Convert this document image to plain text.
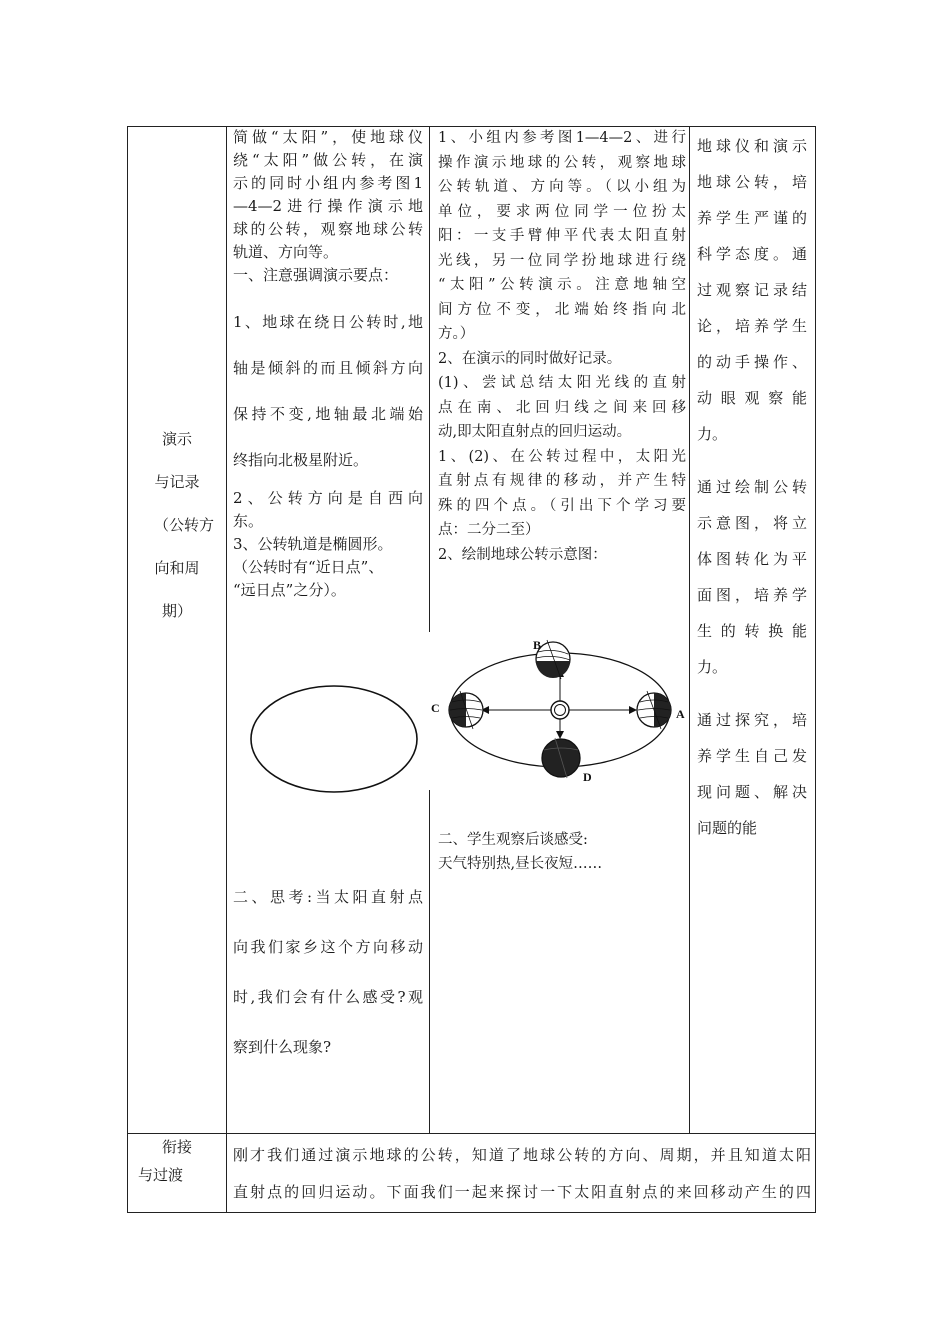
演示

与记录

（公转方

向和周

期）

简做“太阳”，使地球仪

绕“太阳”做公转，在演

示的同时小组内参考图1

—4—2进行操作演示地

球的公转，观察地球公转

轨道、方向等。

一、注意强调演示要点：

1、地球在绕日公转时,地

轴是倾斜的而且倾斜方向

保持不变,地轴最北端始

终指向北极星附近。

2、公转方向是自西向

东。

3、公转轨道是椭圆形。

（公转时有“近日点”、

“远日点”之分）。

二、思考:当太阳直射点

向我们家乡这个方向移动

时,我们会有什么感受?观

察到什么现象?

1、小组内参考图1—4—2、进行

操作演示地球的公转，观察地球

公转轨道、方向等。（以小组为

单位，要求两位同学一位扮太

阳：一支手臂伸平代表太阳直射

光线，另一位同学扮地球进行绕

“太阳”公转演示。注意地轴空

间方位不变，北端始终指向北

方。）

2、在演示的同时做好记录。

(1)、尝试总结太阳光线的直射

点在南、北回归线之间来回移

动,即太阳直射点的回归运动。

1、(2)、在公转过程中，太阳光

直射点有规律的移动，并产生特

殊的四个点。（引出下个学习要

点：二分二至）

2、绘制地球公转示意图：

B
C	A
D

二、学生观察后谈感受:

天气特别热,昼长夜短……

地球仪和演示

地球公转，培

养学生严谨的

科学态度。通

过观察记录结

论，培养学生

的动手操作、

动眼观察能

力。

通过绘制公转

示意图，将立

体图转化为平

面图，培养学

生的转换能

力。

通过探究，培

养学生自己发

现问题、解决

问题的能

衔接

与过渡

刚才我们通过演示地球的公转，知道了地球公转的方向、周期，并且知道太阳

直射点的回归运动。下面我们一起来探讨一下太阳直射点的来回移动产生的四
